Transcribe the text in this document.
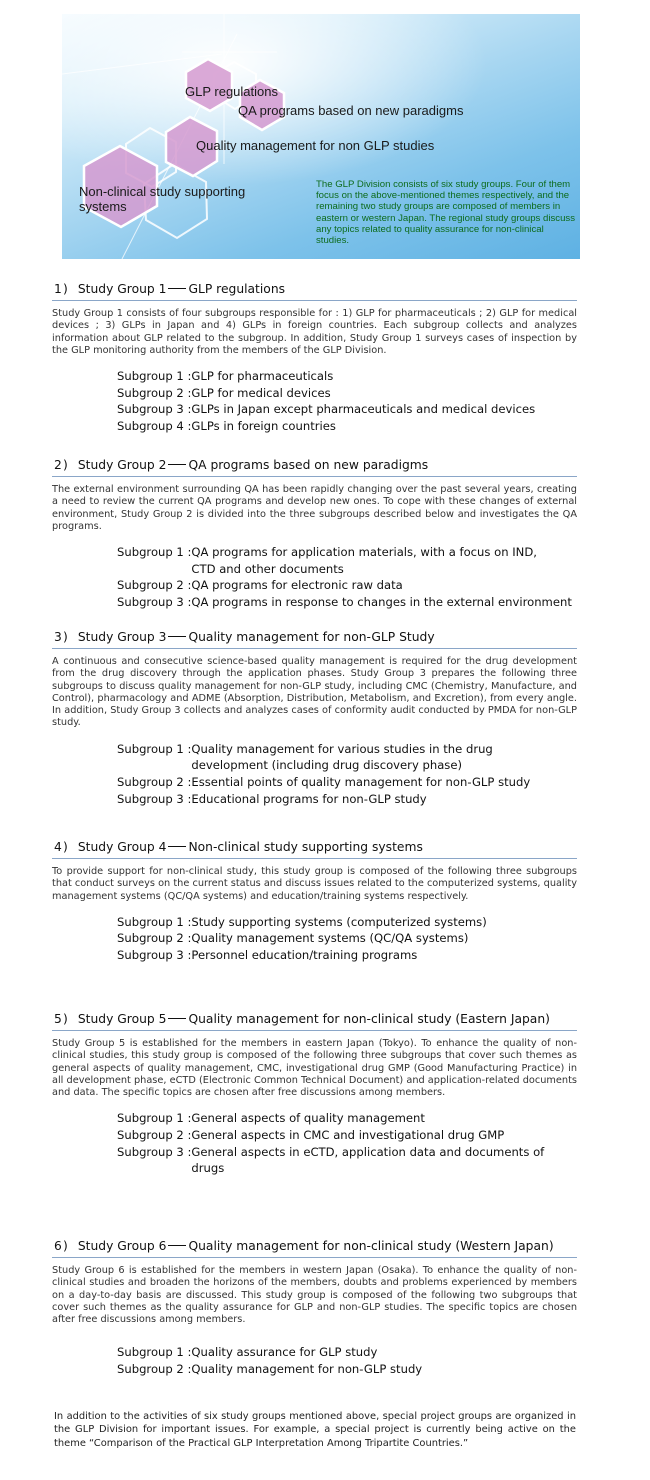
GLP regulations
QA programs based on new paradigms
Quality management for non GLP studies
Non-clinical study supporting
systems
The GLP Division consists of six study groups. Four of them focus on the above-mentioned themes respectively, and the remaining two study groups are composed of members in eastern or western Japan. The regional study groups discuss any topics related to quality assurance for non-clinical studies.
1 ) Study Group 1 GLP regulations
Study Group 1 consists of four subgroups responsible for : 1) GLP for pharmaceuticals ; 2) GLP for medical devices ; 3) GLPs in Japan and 4) GLPs in foreign countries. Each subgroup collects and analyzes information about GLP related to the subgroup. In addition, Study Group 1 surveys cases of inspection by the GLP monitoring authority from the members of the GLP Division.
Subgroup 1 : GLP for pharmaceuticals
Subgroup 2 : GLP for medical devices
Subgroup 3 : GLPs in Japan except pharmaceuticals and medical devices
Subgroup 4 : GLPs in foreign countries
2 ) Study Group 2 QA programs based on new paradigms
The external environment surrounding QA has been rapidly changing over the past several years, creating a need to review the current QA programs and develop new ones. To cope with these changes of external environment, Study Group 2 is divided into the three subgroups described below and investigates the QA programs.
Subgroup 1 : QA programs for application materials, with a focus on IND, CTD and other documents
Subgroup 2 : QA programs for electronic raw data
Subgroup 3 : QA programs in response to changes in the external environment
3 ) Study Group 3 Quality management for non-GLP Study
A continuous and consecutive science-based quality management is required for the drug development from the drug discovery through the application phases. Study Group 3 prepares the following three subgroups to discuss quality management for non-GLP study, including CMC (Chemistry, Manufacture, and Control), pharmacology and ADME (Absorption, Distribution, Metabolism, and Excretion), from every angle. In addition, Study Group 3 collects and analyzes cases of conformity audit conducted by PMDA for non-GLP study.
Subgroup 1 : Quality management for various studies in the drug development (including drug discovery phase)
Subgroup 2 : Essential points of quality management for non-GLP study
Subgroup 3 : Educational programs for non-GLP study
4 ) Study Group 4 Non-clinical study supporting systems
To provide support for non-clinical study, this study group is composed of the following three subgroups that conduct surveys on the current status and discuss issues related to the computerized systems, quality management systems (QC/QA systems) and education/training systems respectively.
Subgroup 1 : Study supporting systems (computerized systems)
Subgroup 2 : Quality management systems (QC/QA systems)
Subgroup 3 : Personnel education/training programs
5 ) Study Group 5 Quality management for non-clinical study (Eastern Japan)
Study Group 5 is established for the members in eastern Japan (Tokyo). To enhance the quality of non-clinical studies, this study group is composed of the following three subgroups that cover such themes as general aspects of quality management, CMC, investigational drug GMP (Good Manufacturing Practice) in all development phase, eCTD (Electronic Common Technical Document) and application-related documents and data. The specific topics are chosen after free discussions among members.
Subgroup 1 : General aspects of quality management
Subgroup 2 : General aspects in CMC and investigational drug GMP
Subgroup 3 : General aspects in eCTD, application data and documents of drugs
6 ) Study Group 6 Quality management for non-clinical study (Western Japan)
Study Group 6 is established for the members in western Japan (Osaka). To enhance the quality of non-clinical studies and broaden the horizons of the members, doubts and problems experienced by members on a day-to-day basis are discussed. This study group is composed of the following two subgroups that cover such themes as the quality assurance for GLP and non-GLP studies. The specific topics are chosen after free discussions among members.
Subgroup 1 : Quality assurance for GLP study
Subgroup 2 : Quality management for non-GLP study
In addition to the activities of six study groups mentioned above, special project groups are organized in the GLP Division for important issues. For example, a special project is currently being active on the theme “Comparison of the Practical GLP Interpretation Among Tripartite Countries.”
